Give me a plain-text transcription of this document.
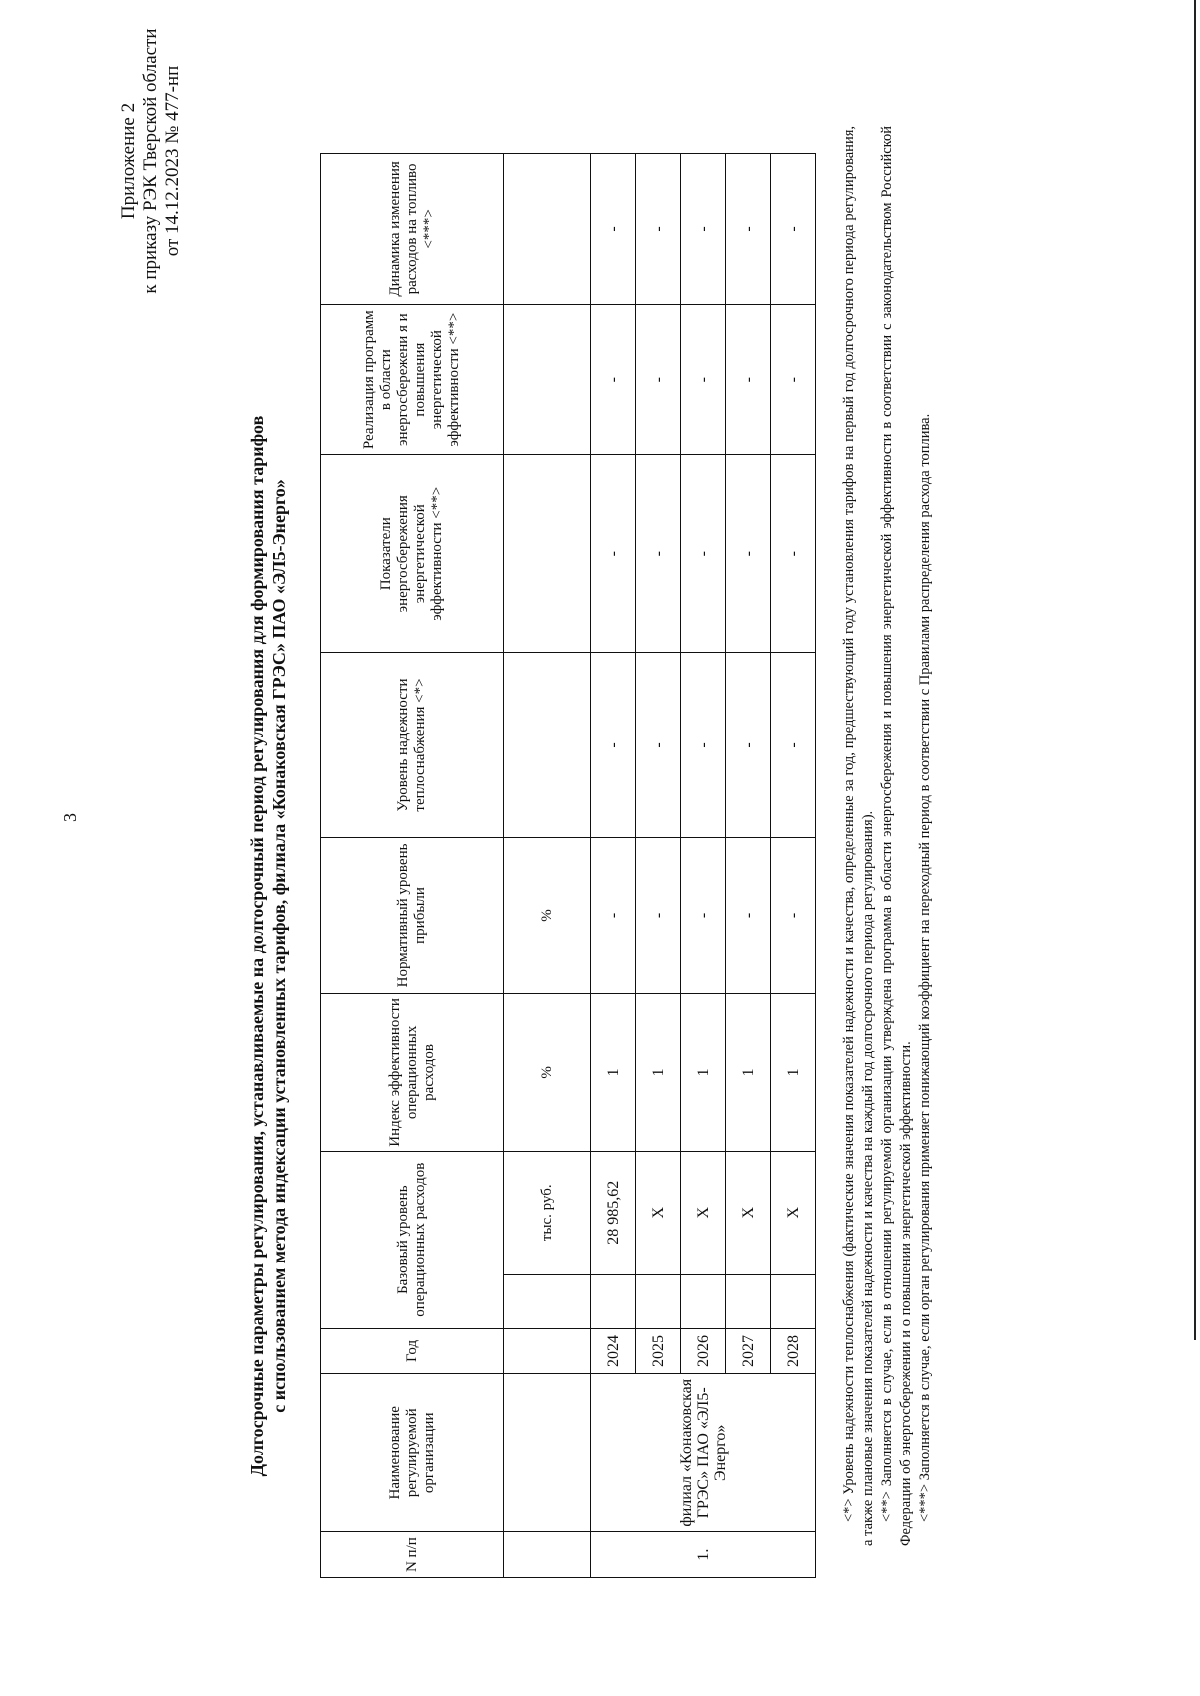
3
Приложение 2 к приказу РЭК Тверской области от 14.12.2023 № 477-нп
Долгосрочные параметры регулирования, устанавливаемые на долгосрочный период регулирования для формирования тарифов с использованием метода индексации установленных тарифов, филиала «Конаковская ГРЭС» ПАО «ЭЛ5-Энерго»
N п/п	Наименование регулируемой организации	Год	Базовый уровень операционных расходов		Индекс эффективности операционных расходов	Нормативный уровень прибыли	Уровень надежности теплоснабжения <*>	Показатели энергосбережения энергетической эффективности <**>	Реализация программ в области энергосбережени я и повышения энергетической эффективности <**>	Динамика изменения расходов на топливо <***>
				тыс. руб.	%	%				
1.	филиал «Конаковская ГРЭС» ПАО «ЭЛ5-Энерго»	2024		28 985,62	1	-	-	-	-	-
		2025		X	1	-	-	-	-	-
		2026		X	1	-	-	-	-	-
		2027		X	1	-	-	-	-	-
		2028		X	1	-	-	-	-	-	<*> Уровень надежности теплоснабжения (фактические значения показателей надежности и качества, определенные за год, предшествующий году установления тарифов на первый год долгосрочного периода регулирования, а также плановые значения показателей надежности и качества на каждый год долгосрочного периода регулирования). <**> Заполняется в случае, если в отношении регулируемой организации утверждена программа в области энергосбережения и повышения энергетической эффективности в соответствии с законодательством Российской Федерации об энергосбережении и о повышении энергетической эффективности. <***> Заполняется в случае, если орган регулирования применяет понижающий коэффициент на переходный период в соответствии с Правилами распределения расхода топлива.
